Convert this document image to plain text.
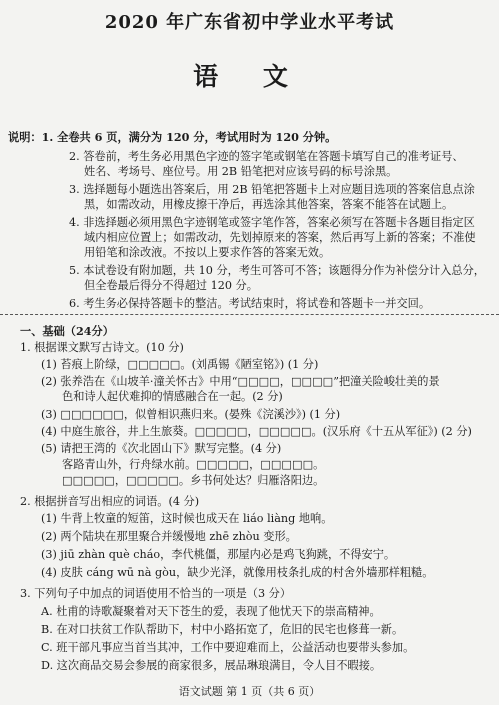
2020 年广东省初中学业水平考试
语 文
说明：1. 全卷共 6 页，满分为 120 分，考试用时为 120 分钟。
2. 答卷前，考生务必用黑色字迹的签字笔或钢笔在答题卡填写自己的准考证号、
姓名、考场号、座位号。用 2B 铅笔把对应该号码的标号涂黑。
3. 选择题每小题选出答案后，用 2B 铅笔把答题卡上对应题目选项的答案信息点涂
黑，如需改动，用橡皮擦干净后，再选涂其他答案，答案不能答在试题上。
4. 非选择题必须用黑色字迹钢笔或签字笔作答，答案必须写在答题卡各题目指定区
域内相应位置上；如需改动，先划掉原来的答案，然后再写上新的答案；不准使
用铅笔和涂改液。不按以上要求作答的答案无效。
5. 本试卷设有附加题，共 10 分，考生可答可不答；该题得分作为补偿分计入总分，
但全卷最后得分不得超过 120 分。
6. 考生务必保持答题卡的整洁。考试结束时，将试卷和答题卡一并交回。
一、基础（24分）
1. 根据课文默写古诗文。(10 分)
(1) 苔痕上阶绿，□□□□□。(刘禹锡《陋室铭》) (1 分)
(2) 张养浩在《山坡羊·潼关怀古》中用“□□□□，□□□□”把潼关险峻壮美的景
色和诗人起伏难抑的情感融合在一起。(2 分)
(3) □□□□□□，似曾相识燕归来。(晏殊《浣溪沙》) (1 分)
(4) 中庭生旅谷，井上生旅葵。□□□□□，□□□□□。(汉乐府《十五从军征》) (2 分)
(5) 请把王湾的《次北固山下》默写完整。(4 分)
客路青山外，行舟绿水前。□□□□□，□□□□□。
□□□□□，□□□□□。乡书何处达？归雁洛阳边。
2. 根据拼音写出相应的词语。(4 分)
(1) 牛背上牧童的短笛，这时候也成天在 liáo liàng 地响。
(2) 两个陆块在那里聚合并缓慢地 zhē zhòu 变形。
(3) jiū zhàn què cháo，李代桃僵，那屋内必是鸡飞狗跳，不得安宁。
(4) 皮肤 cáng wū nà gòu，缺少光泽，就像用枝条扎成的村舍外墙那样粗糙。
3. 下列句子中加点的词语使用不恰当的一项是（3 分）
A. 杜甫的诗歌凝聚着对天下苍生的爱，表现了他忧天下的崇高精神。
B. 在对口扶贫工作队帮助下，村中小路拓宽了，危旧的民宅也修葺一新。
C. 班干部凡事应当首当其冲，工作中要迎难而上，公益活动也要带头参加。
D. 这次商品交易会参展的商家很多，展品琳琅满目，令人目不暇接。
语文试题 第 1 页（共 6 页）
